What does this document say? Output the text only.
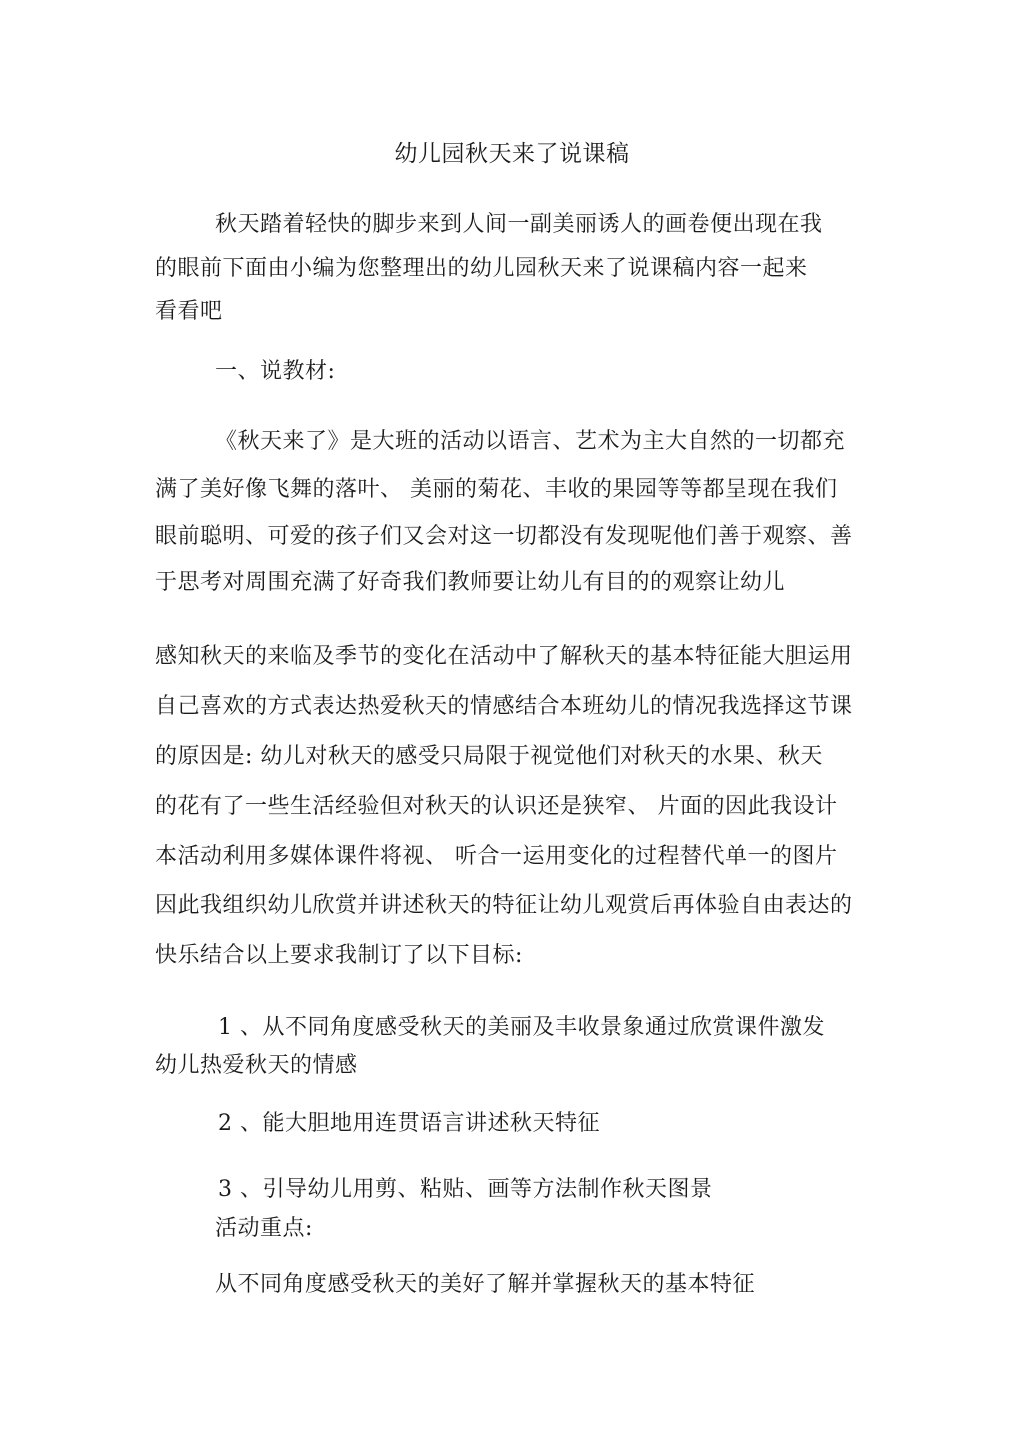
幼儿园秋天来了说课稿
秋天踏着轻快的脚步来到人间一副美丽诱人的画卷便出现在我
的眼前下面由小编为您整理出的幼儿园秋天来了说课稿内容一起来
看看吧
一、说教材:
《秋天来了》是大班的活动以语言、艺术为主大自然的一切都充
满了美好像飞舞的落叶、 美丽的菊花、丰收的果园等等都呈现在我们
眼前聪明、可爱的孩子们又会对这一切都没有发现呢他们善于观察、善
于思考对周围充满了好奇我们教师要让幼儿有目的的观察让幼儿
感知秋天的来临及季节的变化在活动中了解秋天的基本特征能大胆运用
自己喜欢的方式表达热爱秋天的情感结合本班幼儿的情况我选择这节课
的原因是: 幼儿对秋天的感受只局限于视觉他们对秋天的水果、秋天
的花有了一些生活经验但对秋天的认识还是狭窄、 片面的因此我设计
本活动利用多媒体课件将视、 听合一运用变化的过程替代单一的图片
因此我组织幼儿欣赏并讲述秋天的特征让幼儿观赏后再体验自由表达的
快乐结合以上要求我制订了以下目标:
1 、从不同角度感受秋天的美丽及丰收景象通过欣赏课件激发
幼儿热爱秋天的情感
2 、能大胆地用连贯语言讲述秋天特征
3 、引导幼儿用剪、粘贴、画等方法制作秋天图景
活动重点:
从不同角度感受秋天的美好了解并掌握秋天的基本特征
